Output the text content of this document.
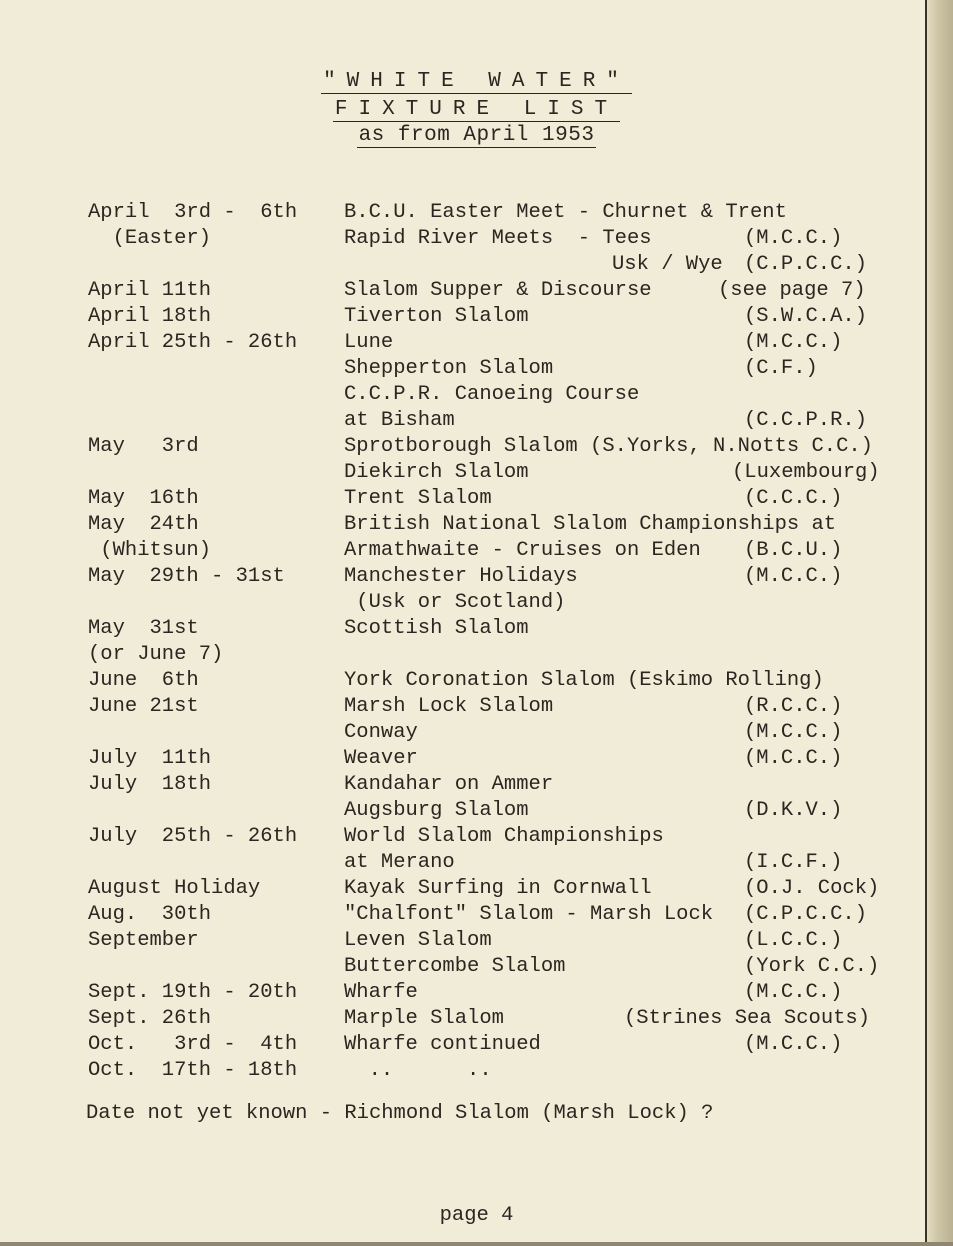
"WHITE WATER"
FIXTURE LIST
as from April 1953
April  3rd -  6th B.C.U. Easter Meet - Churnet & Trent
(Easter)	Rapid River Meets  - Tees	(M.C.C.)
Usk / Wye (C.P.C.C.)
April 11th	Slalom Supper & Discourse	(see page 7)
April 18th	Tiverton Slalom	(S.W.C.A.)
April 25th - 26th Lune	(M.C.C.)
Shepperton Slalom	(C.F.)
C.C.P.R. Canoeing Course
at Bisham	(C.C.P.R.)
May   3rd	Sprotborough Slalom (S.Yorks, N.Notts C.C.)
Diekirch Slalom	(Luxembourg)
May  16th	Trent Slalom	(C.C.C.)
May  24th	British National Slalom Championships at
(Whitsun)	Armathwaite - Cruises on Eden (B.C.U.)
May  29th - 31st	Manchester Holidays	(M.C.C.)
(Usk or Scotland)
May  31st	Scottish Slalom
(or June 7)
June  6th	York Coronation Slalom (Eskimo Rolling)
June 21st	Marsh Lock Slalom	(R.C.C.)
Conway	(M.C.C.)
July  11th	Weaver	(M.C.C.)
July  18th	Kandahar on Ammer
Augsburg Slalom	(D.K.V.)
July  25th - 26th World Slalom Championships
at Merano	(I.C.F.)
August Holiday	Kayak Surfing in Cornwall	(O.J. Cock)
Aug.  30th	"Chalfont" Slalom - Marsh Lock (C.P.C.C.)
September	Leven Slalom	(L.C.C.)
Buttercombe Slalom	(York C.C.)
Sept. 19th - 20th Wharfe	(M.C.C.)
Sept. 26th	Marple Slalom	(Strines Sea Scouts)
Oct.   3rd -  4th Wharfe continued	(M.C.C.)
Oct.  17th - 18th ..      ..
Date not yet known - Richmond Slalom (Marsh Lock) ?
page 4
